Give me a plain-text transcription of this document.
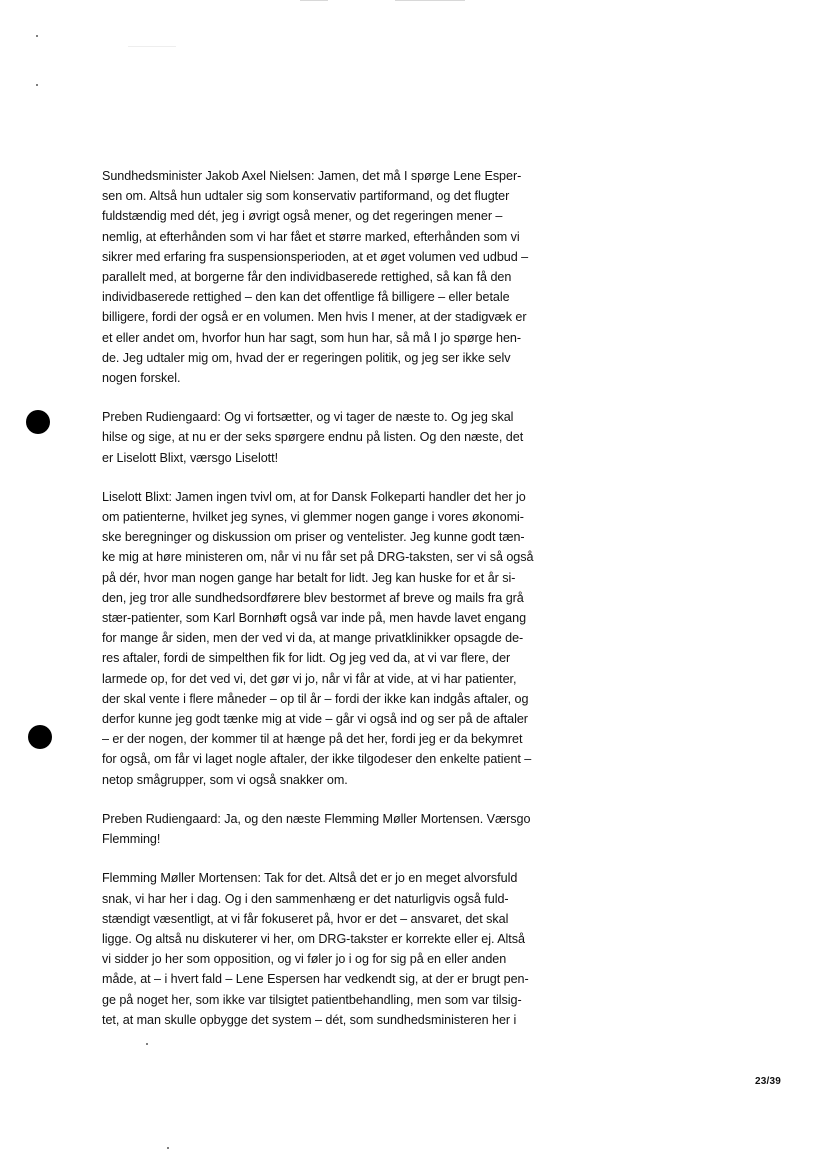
Sundhedsminister Jakob Axel Nielsen: Jamen, det må I spørge Lene Esper-
sen om. Altså hun udtaler sig som konservativ partiformand, og det flugter
fuldstændig med dét, jeg i øvrigt også mener, og det regeringen mener –
nemlig, at efterhånden som vi har fået et større marked, efterhånden som vi
sikrer med erfaring fra suspensionsperioden, at et øget volumen ved udbud –
parallelt med, at borgerne får den individbaserede rettighed, så kan få den
individbaserede rettighed – den kan det offentlige få billigere – eller betale
billigere, fordi der også er en volumen. Men hvis I mener, at der stadigvæk er
et eller andet om, hvorfor hun har sagt, som hun har, så må I jo spørge hen-
de. Jeg udtaler mig om, hvad der er regeringen politik, og jeg ser ikke selv
nogen forskel.

Preben Rudiengaard: Og vi fortsætter, og vi tager de næste to. Og jeg skal
hilse og sige, at nu er der seks spørgere endnu på listen. Og den næste, det
er Liselott Blixt, værsgo Liselott!

Liselott Blixt: Jamen ingen tvivl om, at for Dansk Folkeparti handler det her jo
om patienterne, hvilket jeg synes, vi glemmer nogen gange i vores økonomi-
ske beregninger og diskussion om priser og ventelister. Jeg kunne godt tæn-
ke mig at høre ministeren om, når vi nu får set på DRG-taksten, ser vi så også
på dér, hvor man nogen gange har betalt for lidt. Jeg kan huske for et år si-
den, jeg tror alle sundhedsordførere blev bestormet af breve og mails fra grå
stær-patienter, som Karl Bornhøft også var inde på, men havde lavet engang
for mange år siden, men der ved vi da, at mange privatklinikker opsagde de-
res aftaler, fordi de simpelthen fik for lidt. Og jeg ved da, at vi var flere, der
larmede op, for det ved vi, det gør vi jo, når vi får at vide, at vi har patienter,
der skal vente i flere måneder – op til år – fordi der ikke kan indgås aftaler, og
derfor kunne jeg godt tænke mig at vide – går vi også ind og ser på de aftaler
– er der nogen, der kommer til at hænge på det her, fordi jeg er da bekymret
for også, om får vi laget nogle aftaler, der ikke tilgodeser den enkelte patient –
netop smågrupper, som vi også snakker om.

Preben Rudiengaard: Ja, og den næste Flemming Møller Mortensen. Værsgo
Flemming!

Flemming Møller Mortensen: Tak for det. Altså det er jo en meget alvorsfuld
snak, vi har her i dag. Og i den sammenhæng er det naturligvis også fuld-
stændigt væsentligt, at vi får fokuseret på, hvor er det – ansvaret, det skal
ligge. Og altså nu diskuterer vi her, om DRG-takster er korrekte eller ej. Altså
vi sidder jo her som opposition, og vi føler jo i og for sig på en eller anden
måde, at – i hvert fald – Lene Espersen har vedkendt sig, at der er brugt pen-
ge på noget her, som ikke var tilsigtet patientbehandling, men som var tilsig-
tet, at man skulle opbygge det system – dét, som sundhedsministeren her i

23/39
